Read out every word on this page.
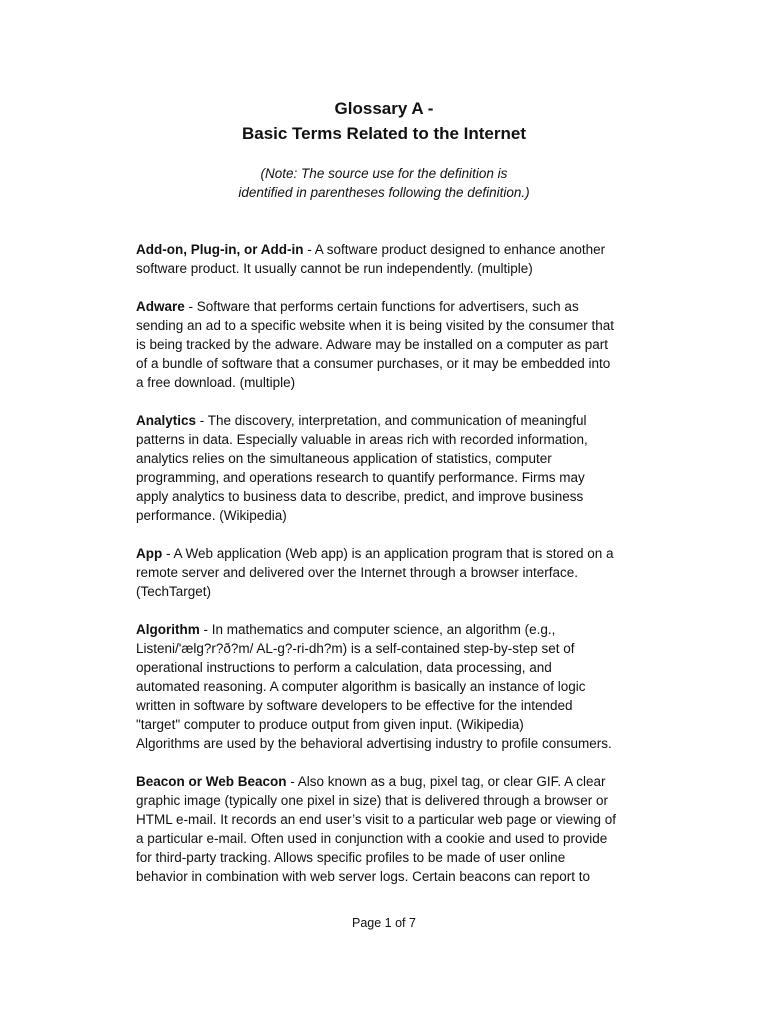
Glossary A -

Basic Terms Related to the Internet

(Note: The source use for the definition is

identified in parentheses following the definition.)

Add-on, Plug-in, or Add-in - A software product designed to enhance another
software product. It usually cannot be run independently. (multiple)

Adware - Software that performs certain functions for advertisers, such as
sending an ad to a specific website when it is being visited by the consumer that
is being tracked by the adware. Adware may be installed on a computer as part
of a bundle of software that a consumer purchases, or it may be embedded into
a free download. (multiple)

Analytics - The discovery, interpretation, and communication of meaningful
patterns in data. Especially valuable in areas rich with recorded information,
analytics relies on the simultaneous application of statistics, computer
programming, and operations research to quantify performance. Firms may
apply analytics to business data to describe, predict, and improve business
performance. (Wikipedia)

App - A Web application (Web app) is an application program that is stored on a
remote server and delivered over the Internet through a browser interface.
(TechTarget)

Algorithm - In mathematics and computer science, an algorithm (e.g.,
Listeni/'ælg?r?ð?m/ AL-g?-ri-dh?m) is a self-contained step-by-step set of
operational instructions to perform a calculation, data processing, and
automated reasoning. A computer algorithm is basically an instance of logic
written in software by software developers to be effective for the intended
"target" computer to produce output from given input. (Wikipedia)
Algorithms are used by the behavioral advertising industry to profile consumers.

Beacon or Web Beacon - Also known as a bug, pixel tag, or clear GIF. A clear
graphic image (typically one pixel in size) that is delivered through a browser or
HTML e-mail. It records an end user’s visit to a particular web page or viewing of
a particular e-mail. Often used in conjunction with a cookie and used to provide
for third-party tracking. Allows specific profiles to be made of user online
behavior in combination with web server logs. Certain beacons can report to

Page 1 of 7
